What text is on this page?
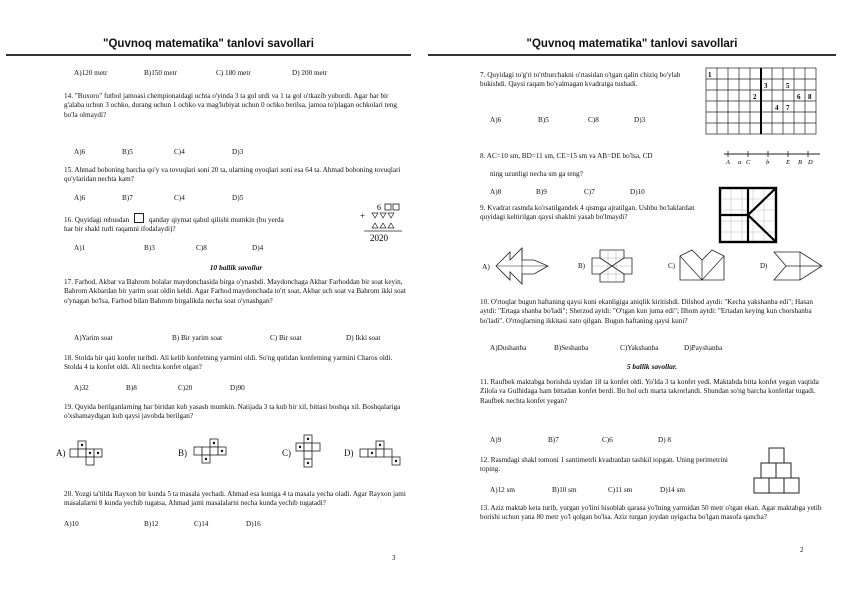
"Quvnoq matematika" tanlovi savollari
A)120 metr	B)150 metr	C) 180 metr	D) 200 metr
14. "Buxoro" futbol jamoasi chempionatdagi uchta o'yinda 3 ta gol urdi va 1 ta gol o'tkazib yubordi. Agar har bir g'alaba uchun 3 ochko, durang uchun 1 ochko va mag'lubiyat uchun 0 ochko berilsa, jamoa to'plagan ochkolari teng bo'la olmaydi?
A)6	B)5	C)4	D)3
15. Ahmad boboning barcha qo'y va tovuqlari soni 20 ta, ularning oyoqlari soni esa 64 ta. Ahmad boboning tovuqlari qo'ylaridan nechta kam?
A)6	B)7	C)4	D)5
16. Quyidagi rebusdan	qanday qiymat qabul qilishi mumkin (bu yerda
har bir shakl turli raqamni ifodalaydi)?
6
+
2020
A)1	B)3	C)8	D)4
10 ballik savollar
17. Farhod, Akbar va Bahrom bolalar maydonchasida birga o'ynashdi. Maydonchaga Akbar Farhoddan bir soat keyin, Bahrom Akbardan bir yarim soat oldin keldi. Agar Farhod maydonchada to'rt soat, Akbar uch soat va Bahrom ikki soat o'ynagan bo'lsa, Farhod bilan Bahrom birgalikda necha soat o'ynashgan?
A)Yarim soat	B) Bir yarim soat	C) Bir soat	D) Ikki soat
18. Stolda bir qati konfet turibdi. Ali kelib konfetning yarmini oldi. So'ng qutidan konfetning yarmini Charos oldi. Stolda 4 ta konfet oldi. Ali nechta konfet olgan?
A)32	B)8	C)20	D)90
19. Quyida berilganlarning har biridan kub yasash mumkin. Natijada 3 ta kub bir xil, bittasi boshqa xil. Boshqalariga o'xshamaydigan kub qaysi javobda berilgan?
A)	B)	C)	D)
20. Yozgi ta'tilda Rayxon bir kunda 5 ta masala yechadi. Ahmad esa kuniga 4 ta masala yecha oladi. Agar Rayxon jami masalalarni 8 kunda yechib tugatsa, Ahmad jami masalalarni necha kunda yechib tugatadi?
A)10	B)12	C)14	D)16
3
"Quvnoq matematika" tanlovi savollari
7. Quyidagi to'g'ri to'rtburchakni o'rtasidan o'tgan qalin chiziq bo'ylab bukishdi. Qaysi raqam bo'yalmagan kvadratga tushadi.
1
3	5
2	6 8
4 7
A)6	B)5	C)8	D)3
8. AC=10 sm, BD=11 sm, CE=15 sm va AB=DE bo'lsa, CD
A a C b	E B D
ning uzunligi necha sm ga teng?
A)8	B)9	C)7	D)10
9. Kvadrat rasmda ko'rsatilgandek 4 qismga ajratilgan. Ushbu bo'laklardan quyidagi keltirilgan qaysi shaklni yasab bo'lmaydi?
A)	B)	C)	D)
10. O'rtoqlar bugun haftaning qaysi kuni ekanligiga aniqlik kiritishdi. Dilshod aytdi: "Kecha yakshanba edi"; Hasan aytdi: "Ertaga shanba bo'ladi"; Sherzod aytdi: "O'tgan kun juma edi"; Ilhom aytdi: "Ertadan keying kun chorshanba bo'ladi". O'rtoqlarning ikkitasi xato qilgan. Bugun haftaning qaysi kuni?
A)Dushanba	B)Seshanba	C)Yakshanba	D)Payshanba
5 ballik savollar.
11. Raufbek maktabga borishda uyidan 18 ta konfet oldi. Yo'lda 3 ta konfet yedi. Maktabda bitta konfet yegan vaqtida Zilola va Gulhidaga ham bittadan konfet berdi. Bu hol uch marta takrorlandi. Shundan so'ng barcha konfetlar tugadi. Raufbek nechta konfet yegan?
A)9	B)7	C)6	D) 8
12. Rasmdagi shakl tomoni 1 santimetrli kvadratdan tashkil topgan. Uning perimetrini toping.
A)12 sm	B)10 sm	C)11 sm	D)14 sm
13. Aziz maktab keta turib, yurgan yo'lini hisoblab qarasa yo'lning yarmidan 50 metr o'tgan ekan. Agar maktabga yetib borishi uchun yana 80 metr yo'l qolgan bo'lsa. Aziz turgan joydan uyigacha bo'lgan masofa qancha?
2
